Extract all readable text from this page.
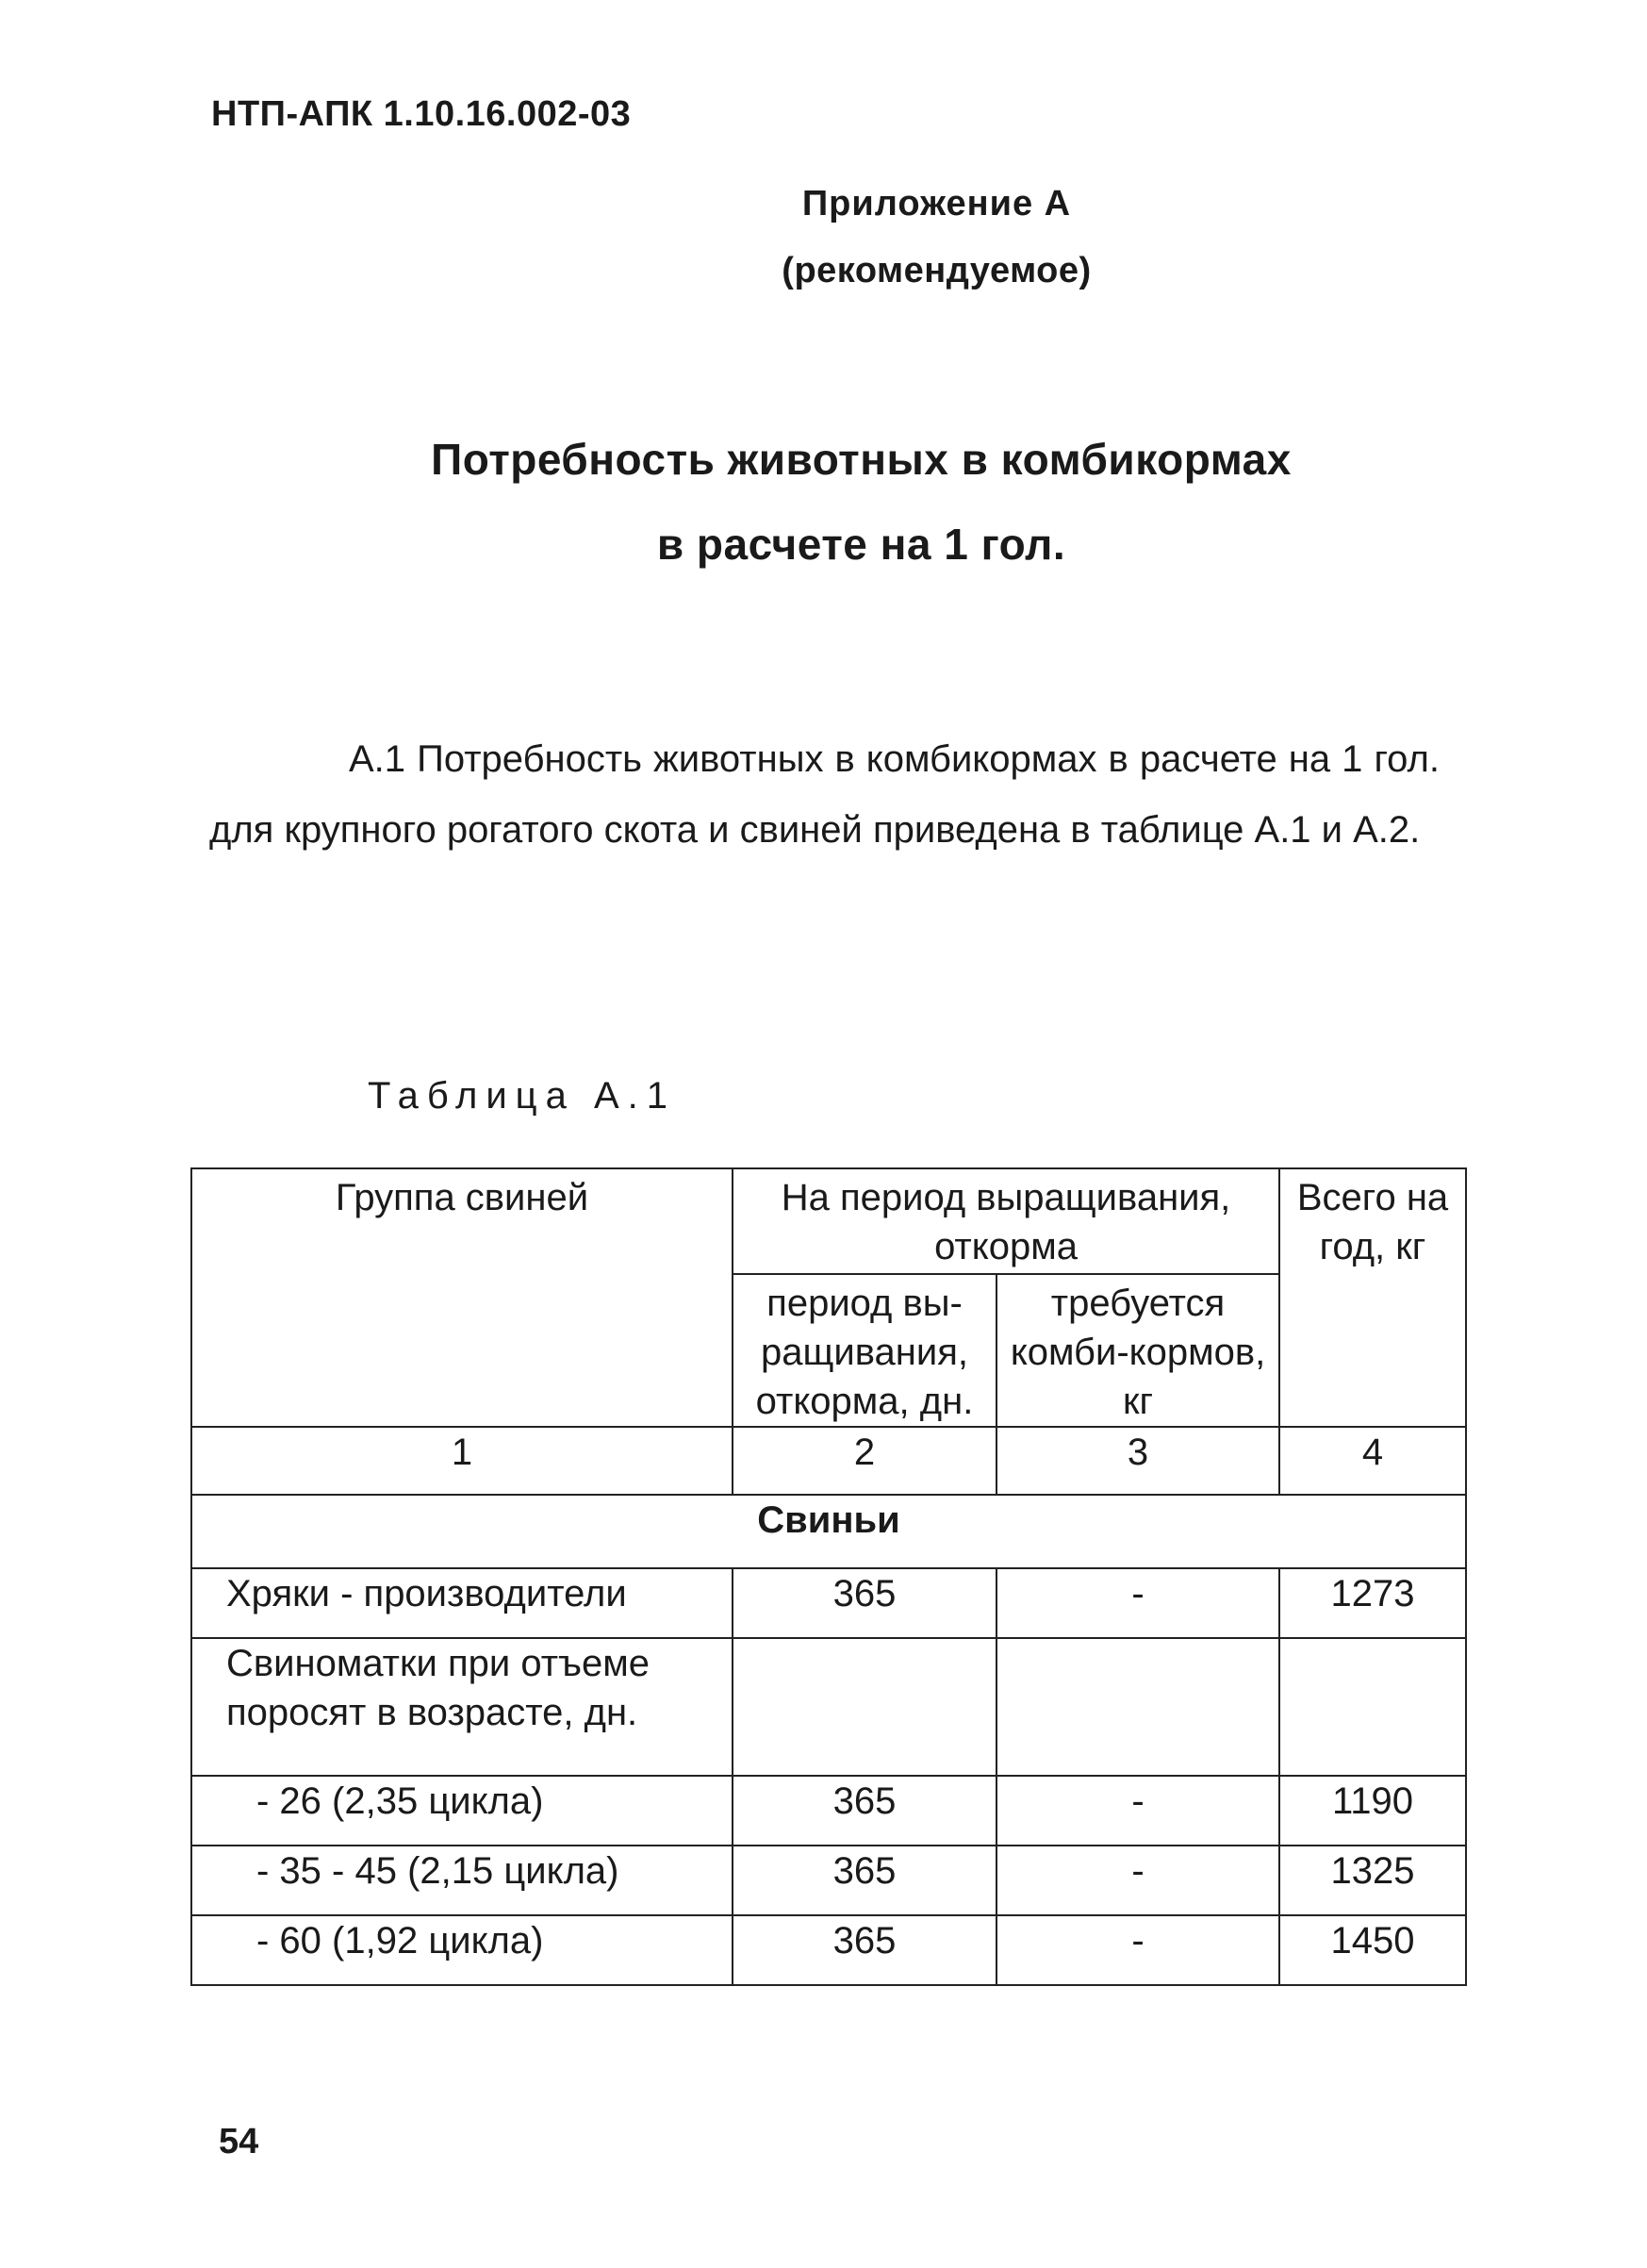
НТП-АПК 1.10.16.002-03
Приложение А
(рекомендуемое)
Потребность животных в комбикормах
в расчете на 1 гол.
А.1 Потребность животных в комбикормах в расчете на 1 гол. для крупного рогатого скота и свиней приведена в таблице А.1 и А.2.
Таблица А.1
Группа свиней	На период выращивания, откорма		Всего на год, кг
	период вы-ращивания, откорма, дн.	требуется комби-кормов, кг	
1	2	3	4
Свиньи			
Хряки - производители	365	-	1273
Свиноматки при отъеме поросят в возрасте, дн.			
- 26 (2,35 цикла)	365	-	1190
- 35 - 45 (2,15 цикла)	365	-	1325
- 60 (1,92 цикла)	365	-	1450
54
